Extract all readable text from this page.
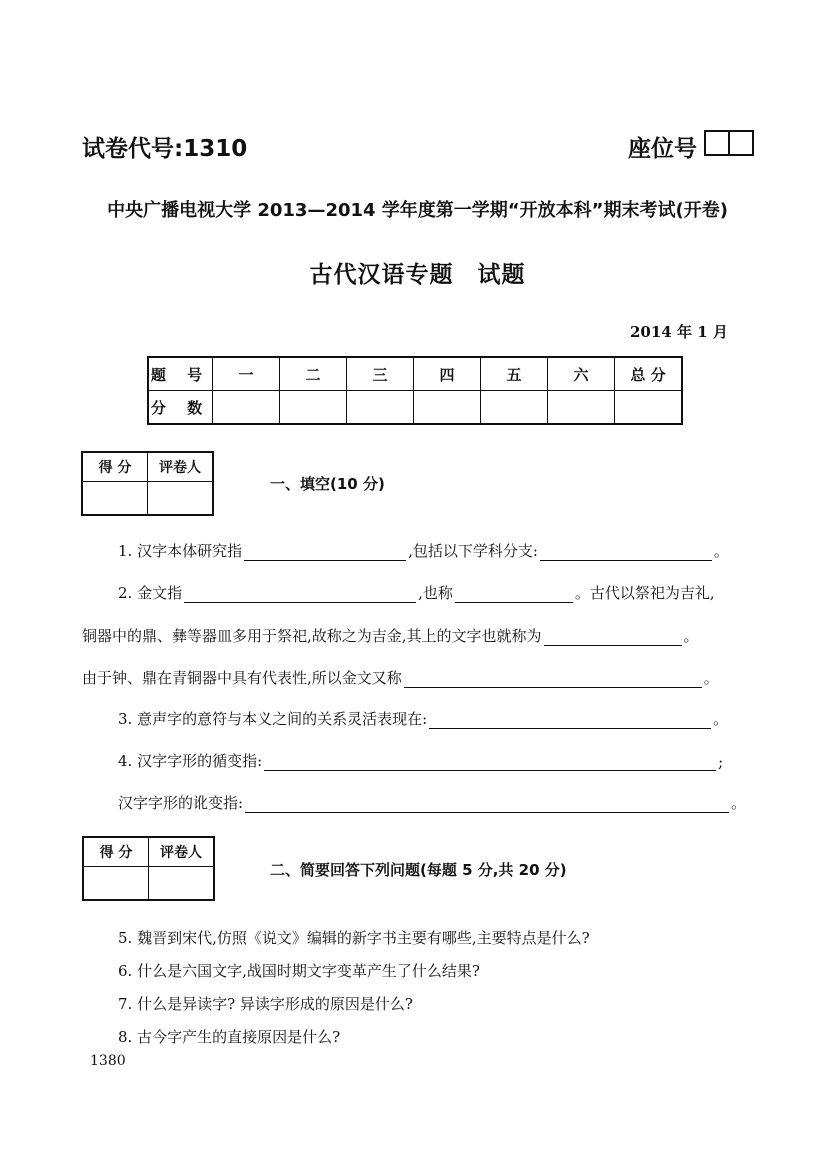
试卷代号:1310	座位号
中央广播电视大学 2013—2014 学年度第一学期“开放本科”期末考试(开卷)
古代汉语专题　试题
2014 年 1 月
题 号	一	二	三	四	五	六	总 分
分 数							
得 分	评卷人

一、填空(10 分)
1. 汉字本体研究指	,包括以下学科分支:	。
2. 金文指	,也称	。古代以祭祀为吉礼,
铜器中的鼎、彝等器皿多用于祭祀,故称之为吉金,其上的文字也就称为	。
由于钟、鼎在青铜器中具有代表性,所以金文又称	。
3. 意声字的意符与本义之间的关系灵活表现在:	。
4. 汉字字形的循变指:	;
汉字字形的讹变指:	。
得 分	评卷人

二、简要回答下列问题(每题 5 分,共 20 分)
5. 魏晋到宋代,仿照《说文》编辑的新字书主要有哪些,主要特点是什么?
6. 什么是六国文字,战国时期文字变革产生了什么结果?
7. 什么是异读字? 异读字形成的原因是什么?
8. 古今字产生的直接原因是什么?
1380
